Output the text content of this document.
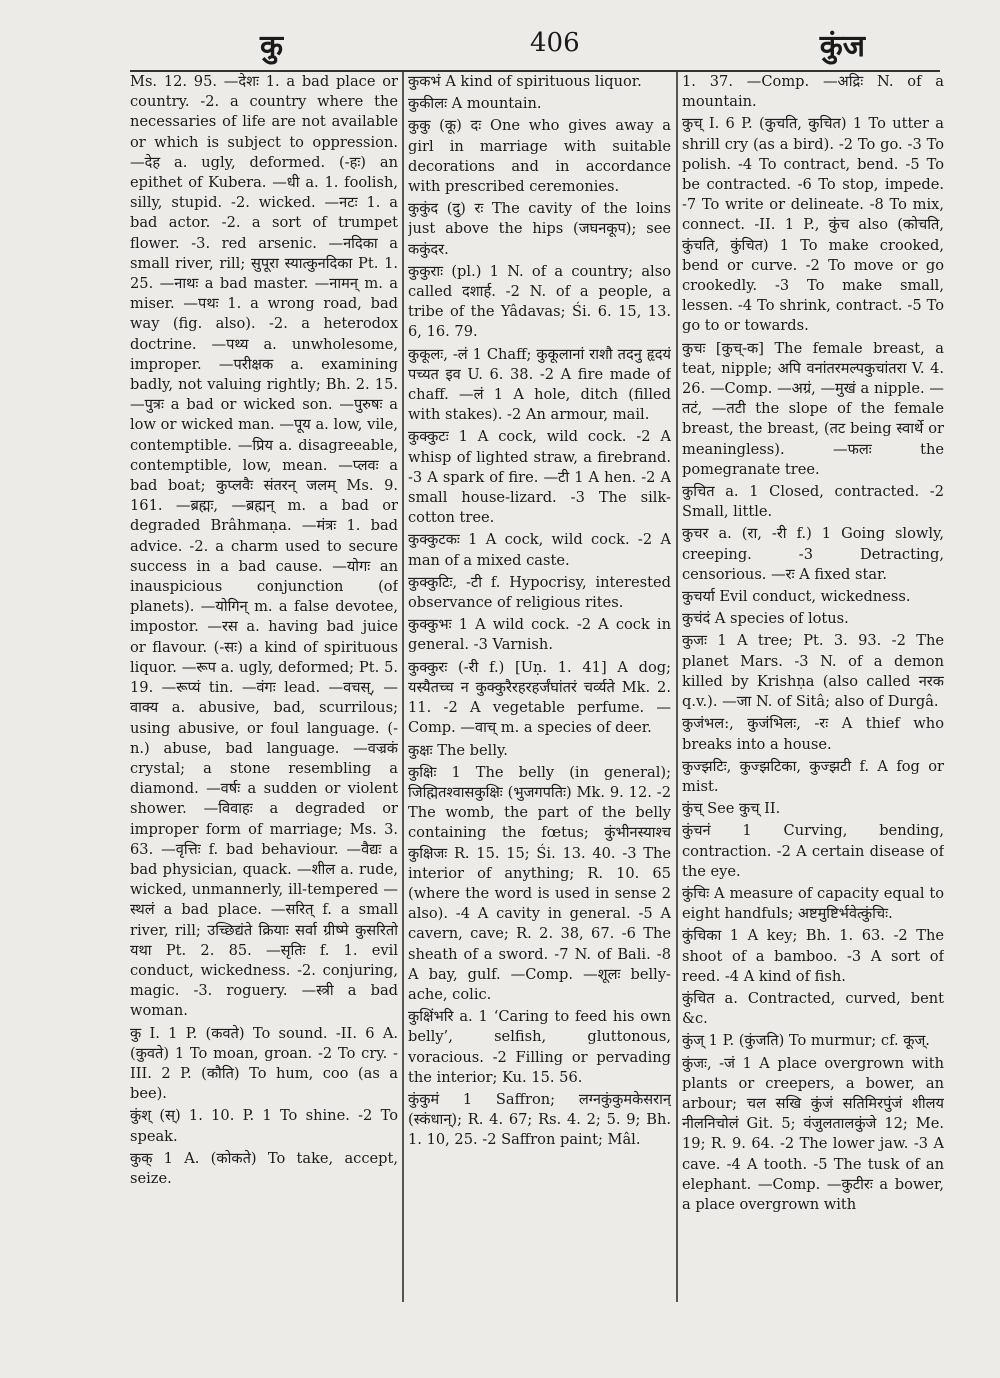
कु	406	कुंज

Ms. 12. 95. —देशः 1. a bad place or country. -2. a country where the necessaries of life are not available or which is subject to oppression. —देह a. ugly, deformed. (-हः) an epithet of Kubera. —धी a. 1. foolish, silly, stupid. -2. wicked. —नटः 1. a bad actor. -2. a sort of trumpet flower. -3. red arsenic. —नदिका a small river, rill; सुपूरा स्यात्कुनदिका Pt. 1. 25. —नाथः a bad master. —नामन् m. a miser. —पथः 1. a wrong road, bad way (fig. also). -2. a heterodox doctrine. —पथ्य a. unwholesome, improper. —परीक्षक a. examining badly, not valuing rightly; Bh. 2. 15. —पुत्रः a bad or wicked son. —पुरुषः a low or wicked man. —पूय a. low, vile, contemptible. —प्रिय a. disagreeable, contemptible, low, mean. —प्लवः a bad boat; कुप्लवैः संतरन् जलम् Ms. 9. 161. —ब्रह्मः, —ब्रह्मन् m. a bad or degraded Brâhmaṇa. —मंत्रः 1. bad advice. -2. a charm used to secure success in a bad cause. —योगः an inauspicious conjunction (of planets). —योगिन् m. a false devotee, impostor. —रस a. having bad juice or flavour. (-सः) a kind of spirituous liquor. —रूप a. ugly, deformed; Pt. 5. 19. —रूप्यं tin. —वंगः lead. —वचस्, —वाक्य a. abusive, bad, scurrilous; using abusive, or foul language. (-n.) abuse, bad language. —वज्रकं crystal; a stone resembling a diamond. —वर्षः a sudden or violent shower. —विवाहः a degraded or improper form of marriage; Ms. 3. 63. —वृत्तिः f. bad behaviour. —वैद्यः a bad physician, quack. —शील a. rude, wicked, unmannerly, ill-tempered —स्थलं a bad place. —सरित् f. a small river, rill; उच्छिद्यंते क्रियाः सर्वा ग्रीष्मे कुसरितो यथा Pt. 2. 85. —सृतिः f. 1. evil conduct, wickedness. -2. conjuring, magic. -3. roguery. —स्त्री a bad woman.

कु I. 1 P. (कवते) To sound. -II. 6 A. (कुवते) 1 To moan, groan. -2 To cry. -III. 2 P. (कौति) To hum, coo (as a bee).

कुंश् (स्) 1. 10. P. 1 To shine. -2 To speak.

कुक् 1 A. (कोकते) To take, accept, seize.

कुकभं A kind of spirituous liquor.

कुकीलः A mountain.

कुकु (कू) दः One who gives away a girl in marriage with suitable decorations and in accordance with prescribed ceremonies.

कुकुंद (दु) रः The cavity of the loins just above the hips (जघनकूप); see ककुंदर.

कुकुराः (pl.) 1 N. of a country; also called दशार्ह. -2 N. of a people, a tribe of the Yâdavas; Śi. 6. 15, 13. 6, 16. 79.

कुकूलः, -लं 1 Chaff; कुकूलानां राशौ तदनु हृदयं पच्यत इव U. 6. 38. -2 A fire made of chaff. —लं 1 A hole, ditch (filled with stakes). -2 An armour, mail.

कुक्कुटः 1 A cock, wild cock. -2 A whisp of lighted straw, a firebrand. -3 A spark of fire. —टी 1 A hen. -2 A small house-lizard. -3 The silk-cotton tree.

कुक्कुटकः 1 A cock, wild cock. -2 A man of a mixed caste.

कुक्कुटिः, -टी f. Hypocrisy, interested observance of religious rites.

कुक्कुभः 1 A wild cock. -2 A cock in general. -3 Varnish.

कुक्कुरः (-री f.) [Uṇ. 1. 41] A dog; यस्यैतच्च न कुक्कुरैरहरहर्जंघांतरं चर्व्यते Mk. 2. 11. -2 A vegetable perfume. —Comp. —वाच् m. a species of deer.

कुक्षः The belly.

कुक्षिः 1 The belly (in general); जिह्मितश्वासकुक्षिः (भुजगपतिः) Mk. 9. 12. -2 The womb, the part of the belly containing the fœtus; कुंभीनस्याश्च कुक्षिजः R. 15. 15; Śi. 13. 40. -3 The interior of anything; R. 10. 65 (where the word is used in sense 2 also). -4 A cavity in general. -5 A cavern, cave; R. 2. 38, 67. -6 The sheath of a sword. -7 N. of Bali. -8 A bay, gulf. —Comp. —शूलः belly-ache, colic.

कुक्षिंभरि a. 1 ‘Caring to feed his own belly’, selfish, gluttonous, voracious. -2 Filling or pervading the interior; Ku. 15. 56.

कुंकुमं 1 Saffron; लग्नकुंकुमकेसरान् (स्कंधान्); R. 4. 67; Rs. 4. 2; 5. 9; Bh. 1. 10, 25. -2 Saffron paint; Mâl.

1. 37. —Comp. —अद्रिः N. of a mountain.

कुच् I. 6 P. (कुचति, कुचित) 1 To utter a shrill cry (as a bird). -2 To go. -3 To polish. -4 To contract, bend. -5 To be contracted. -6 To stop, impede. -7 To write or delineate. -8 To mix, connect. -II. 1 P., कुंच also (कोचति, कुंचति, कुंचित) 1 To make crooked, bend or curve. -2 To move or go crookedly. -3 To make small, lessen. -4 To shrink, contract. -5 To go to or towards.

कुचः [कुच्-क] The female breast, a teat, nipple; अपि वनांतरमल्पकुचांतरा V. 4. 26. —Comp. —अग्रं, —मुखं a nipple. —तटं, —तटी the slope of the female breast, the breast, (तट being स्वार्थे or meaningless). —फलः the pomegranate tree.

कुचित a. 1 Closed, contracted. -2 Small, little.

कुचर a. (रा, -री f.) 1 Going slowly, creeping. -3 Detracting, censorious. —रः A fixed star.

कुचर्या Evil conduct, wickedness.

कुचंदं A species of lotus.

कुजः 1 A tree; Pt. 3. 93. -2 The planet Mars. -3 N. of a demon killed by Krishṇa (also called नरक q.v.). —जा N. of Sitâ; also of Durgâ.

कुजंभल:, कुजंभिलः, -रः A thief who breaks into a house.

कुज्झटिः, कुज्झटिका, कुज्झटी f. A fog or mist.

कुंच् See कुच् II.

कुंचनं 1 Curving, bending, contraction. -2 A certain disease of the eye.

कुंचिः A measure of capacity equal to eight handfuls; अष्टमुष्टिर्भवेत्कुंचिः.

कुंचिका 1 A key; Bh. 1. 63. -2 The shoot of a bamboo. -3 A sort of reed. -4 A kind of fish.

कुंचित a. Contracted, curved, bent &c.

कुंज् 1 P. (कुंजति) To murmur; cf. कूज्.

कुंजः, -जं 1 A place overgrown with plants or creepers, a bower, an arbour; चल सखि कुंजं सतिमिरपुंजं शीलय नीलनिचोलं Git. 5; वंजुलतालकुंजे 12; Me. 19; R. 9. 64. -2 The lower jaw. -3 A cave. -4 A tooth. -5 The tusk of an elephant. —Comp. —कुटीरः a bower, a place overgrown with
